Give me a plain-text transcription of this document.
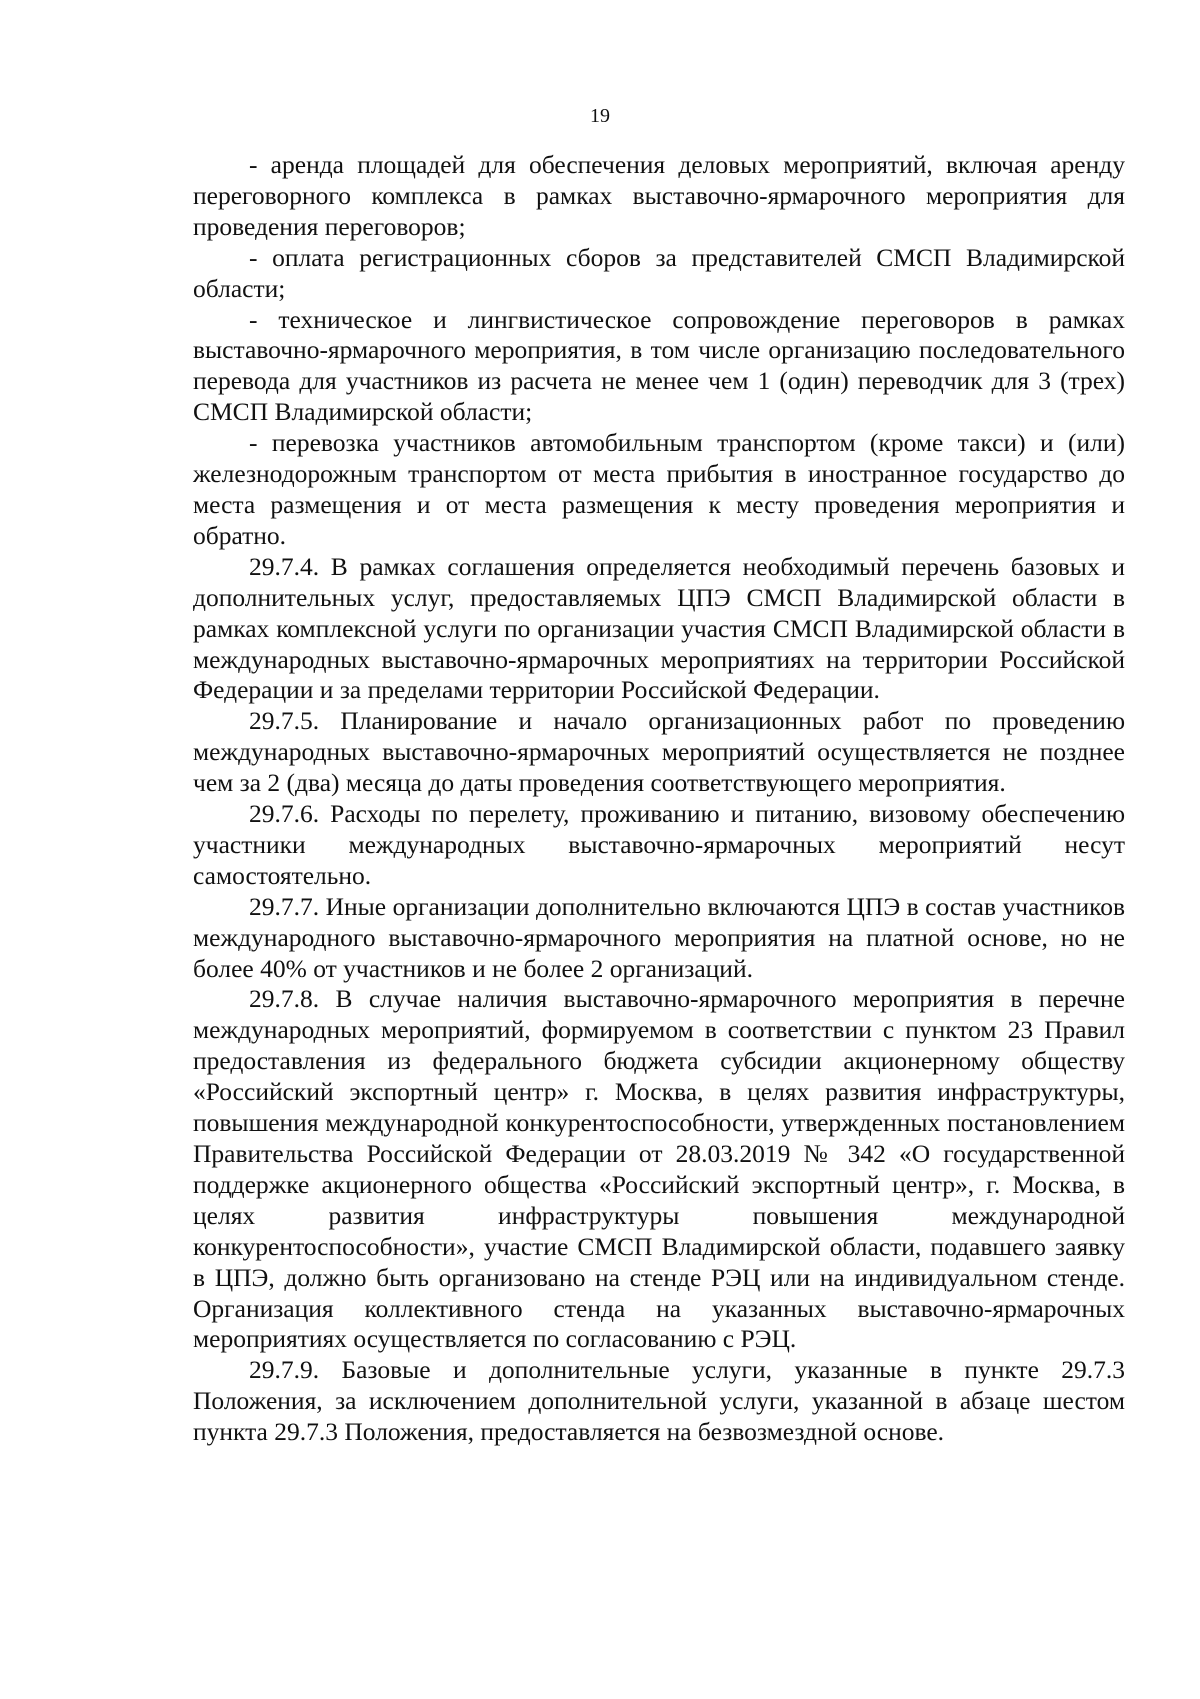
19

- аренда площадей для обеспечения деловых мероприятий, включая аренду переговорного комплекса в рамках выставочно-ярмарочного мероприятия для проведения переговоров;

- оплата регистрационных сборов за представителей СМСП Владимирской области;

- техническое и лингвистическое сопровождение переговоров в рамках выставочно-ярмарочного мероприятия, в том числе организацию последовательного перевода для участников из расчета не менее чем 1 (один) переводчик для 3 (трех) СМСП Владимирской области;

- перевозка участников автомобильным транспортом (кроме такси) и (или) железнодорожным транспортом от места прибытия в иностранное государство до места размещения и от места размещения к месту проведения мероприятия и обратно.

29.7.4. В рамках соглашения определяется необходимый перечень базовых и дополнительных услуг, предоставляемых ЦПЭ СМСП Владимирской области в рамках комплексной услуги по организации участия СМСП Владимирской области в международных выставочно-ярмарочных мероприятиях на территории Российской Федерации и за пределами территории Российской Федерации.

29.7.5. Планирование и начало организационных работ по проведению международных выставочно-ярмарочных мероприятий осуществляется не позднее чем за 2 (два) месяца до даты проведения соответствующего мероприятия.

29.7.6. Расходы по перелету, проживанию и питанию, визовому обеспечению участники международных выставочно-ярмарочных мероприятий несут самостоятельно.

29.7.7. Иные организации дополнительно включаются ЦПЭ в состав участников международного выставочно-ярмарочного мероприятия на платной основе, но не более 40% от участников и не более 2 организаций.

29.7.8. В случае наличия выставочно-ярмарочного мероприятия в перечне международных мероприятий, формируемом в соответствии с пунктом 23 Правил предоставления из федерального бюджета субсидии акционерному обществу «Российский экспортный центр» г. Москва, в целях развития инфраструктуры, повышения международной конкурентоспособности, утвержденных постановлением Правительства Российской Федерации от 28.03.2019 № 342 «О государственной поддержке акционерного общества «Российский экспортный центр», г. Москва, в целях развития инфраструктуры повышения международной конкурентоспособности», участие СМСП Владимирской области, подавшего заявку в ЦПЭ, должно быть организовано на стенде РЭЦ или на индивидуальном стенде. Организация коллективного стенда на указанных выставочно-ярмарочных мероприятиях осуществляется по согласованию с РЭЦ.

29.7.9. Базовые и дополнительные услуги, указанные в пункте 29.7.3 Положения, за исключением дополнительной услуги, указанной в абзаце шестом пункта 29.7.3 Положения, предоставляется на безвозмездной основе.
